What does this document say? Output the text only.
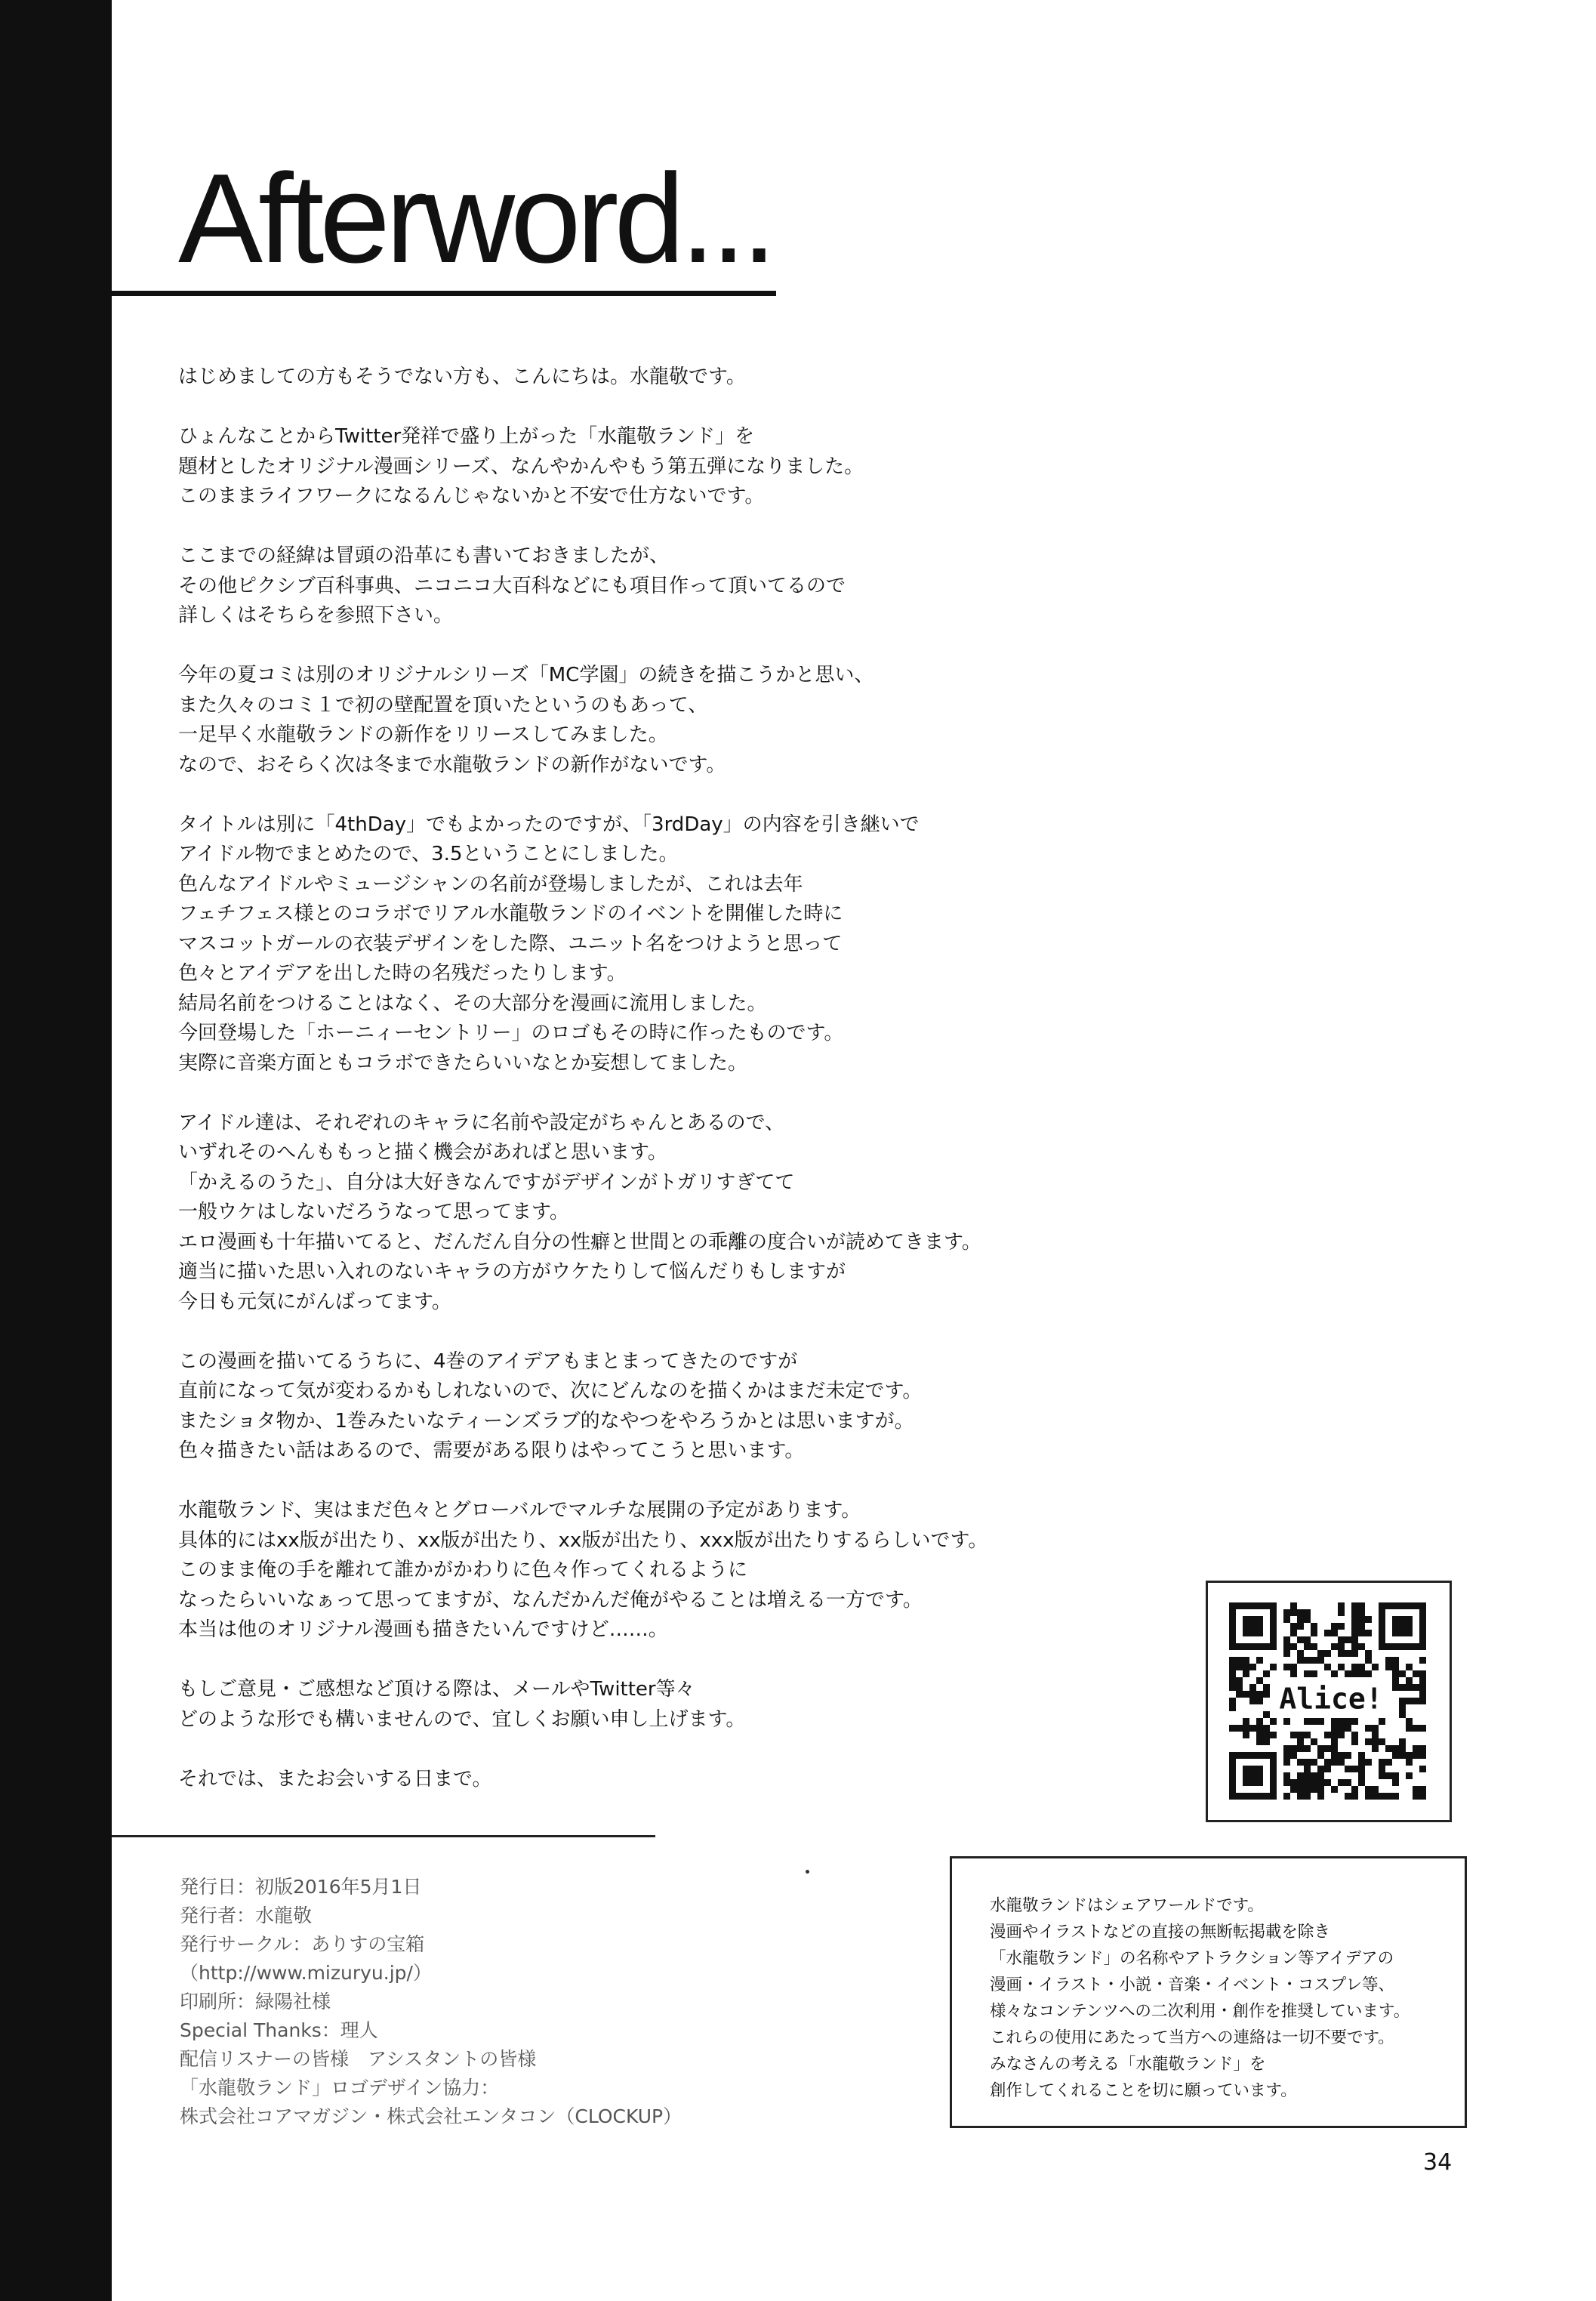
Afterword...
はじめましての方もそうでない方も、こんにちは。水龍敬です。
ひょんなことからTwitter発祥で盛り上がった「水龍敬ランド」を
題材としたオリジナル漫画シリーズ、なんやかんやもう第五弾になりました。
このままライフワークになるんじゃないかと不安で仕方ないです。
ここまでの経緯は冒頭の沿革にも書いておきましたが、
その他ピクシブ百科事典、ニコニコ大百科などにも項目作って頂いてるので
詳しくはそちらを参照下さい。
今年の夏コミは別のオリジナルシリーズ「MC学園」の続きを描こうかと思い、
また久々のコミ１で初の壁配置を頂いたというのもあって、
一足早く水龍敬ランドの新作をリリースしてみました。
なので、おそらく次は冬まで水龍敬ランドの新作がないです。
タイトルは別に「4thDay」でもよかったのですが、「3rdDay」の内容を引き継いで
アイドル物でまとめたので、3.5ということにしました。
色んなアイドルやミュージシャンの名前が登場しましたが、これは去年
フェチフェス様とのコラボでリアル水龍敬ランドのイベントを開催した時に
マスコットガールの衣装デザインをした際、ユニット名をつけようと思って
色々とアイデアを出した時の名残だったりします。
結局名前をつけることはなく、その大部分を漫画に流用しました。
今回登場した「ホーニィーセントリー」のロゴもその時に作ったものです。
実際に音楽方面ともコラボできたらいいなとか妄想してました。
アイドル達は、それぞれのキャラに名前や設定がちゃんとあるので、
いずれそのへんももっと描く機会があればと思います。
「かえるのうた」、自分は大好きなんですがデザインがトガリすぎてて
一般ウケはしないだろうなって思ってます。
エロ漫画も十年描いてると、だんだん自分の性癖と世間との乖離の度合いが読めてきます。
適当に描いた思い入れのないキャラの方がウケたりして悩んだりもしますが
今日も元気にがんばってます。
この漫画を描いてるうちに、4巻のアイデアもまとまってきたのですが
直前になって気が変わるかもしれないので、次にどんなのを描くかはまだ未定です。
またショタ物か、1巻みたいなティーンズラブ的なやつをやろうかとは思いますが。
色々描きたい話はあるので、需要がある限りはやってこうと思います。
水龍敬ランド、実はまだ色々とグローバルでマルチな展開の予定があります。
具体的にはxx版が出たり、xx版が出たり、xx版が出たり、xxx版が出たりするらしいです。
このまま俺の手を離れて誰かがかわりに色々作ってくれるように
なったらいいなぁって思ってますが、なんだかんだ俺がやることは増える一方です。
本当は他のオリジナル漫画も描きたいんですけど……。
もしご意見・ご感想など頂ける際は、メールやTwitter等々
どのような形でも構いませんので、宜しくお願い申し上げます。
それでは、またお会いする日まで。
Alice!
発行日：初版2016年5月1日
発行者：水龍敬
発行サークル：ありすの宝箱
（http://www.mizuryu.jp/）
印刷所：緑陽社様
Special Thanks：理人
配信リスナーの皆様　アシスタントの皆様
「水龍敬ランド」ロゴデザイン協力：
株式会社コアマガジン・株式会社エンタコン（CLOCKUP）
水龍敬ランドはシェアワールドです。
漫画やイラストなどの直接の無断転掲載を除き
「水龍敬ランド」の名称やアトラクション等アイデアの
漫画・イラスト・小説・音楽・イベント・コスプレ等、
様々なコンテンツへの二次利用・創作を推奨しています。
これらの使用にあたって当方への連絡は一切不要です。
みなさんの考える「水龍敬ランド」を
創作してくれることを切に願っています。
34
